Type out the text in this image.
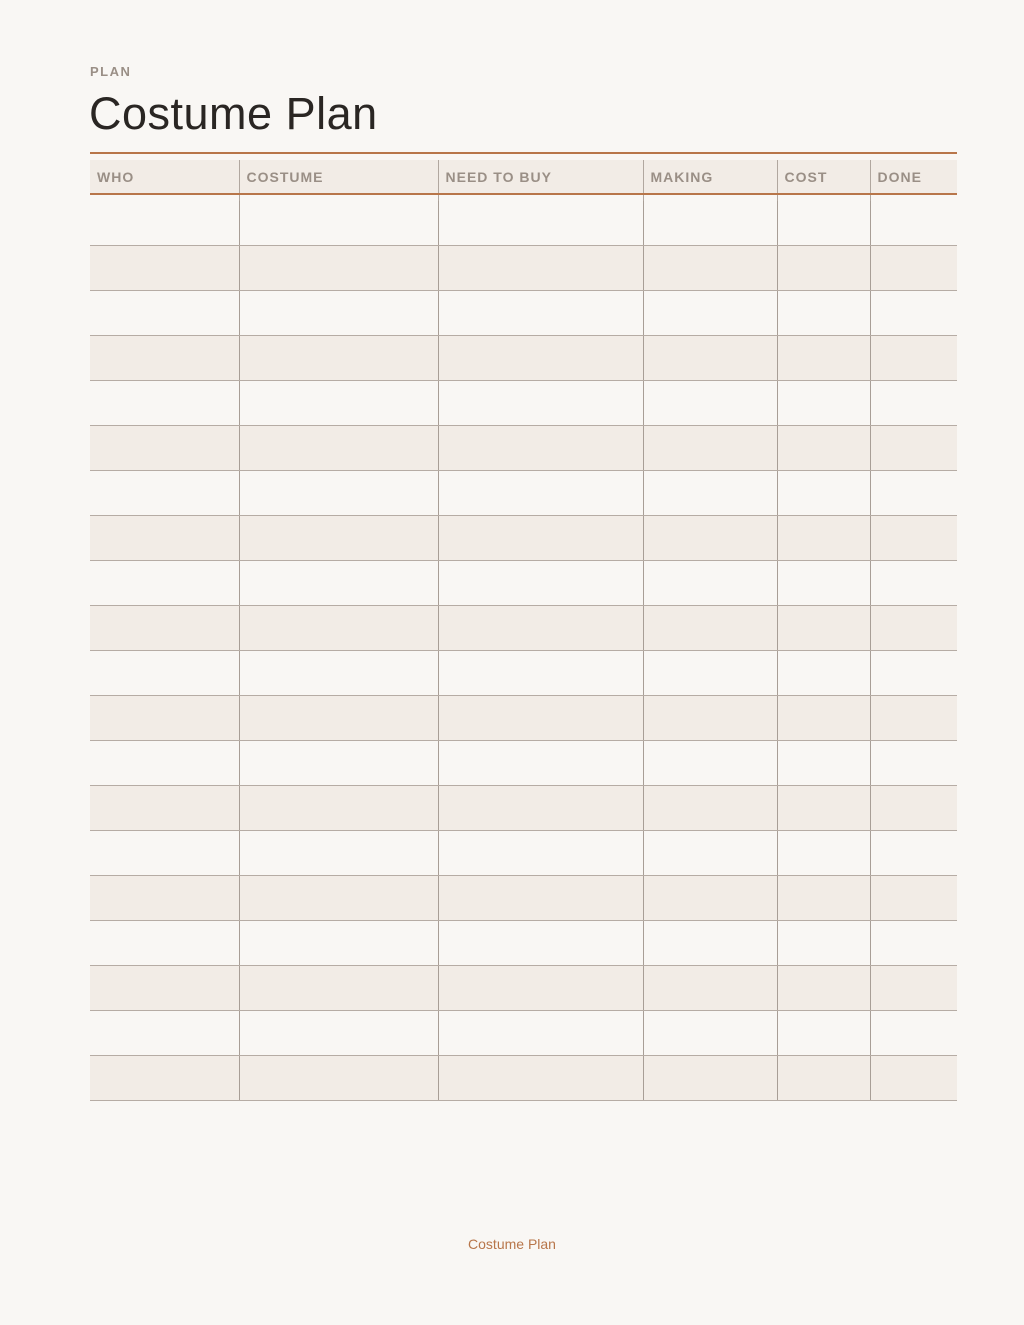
PLAN
Costume Plan
WHO	COSTUME	NEED TO BUY	MAKING	COST	DONE

Costume Plan
